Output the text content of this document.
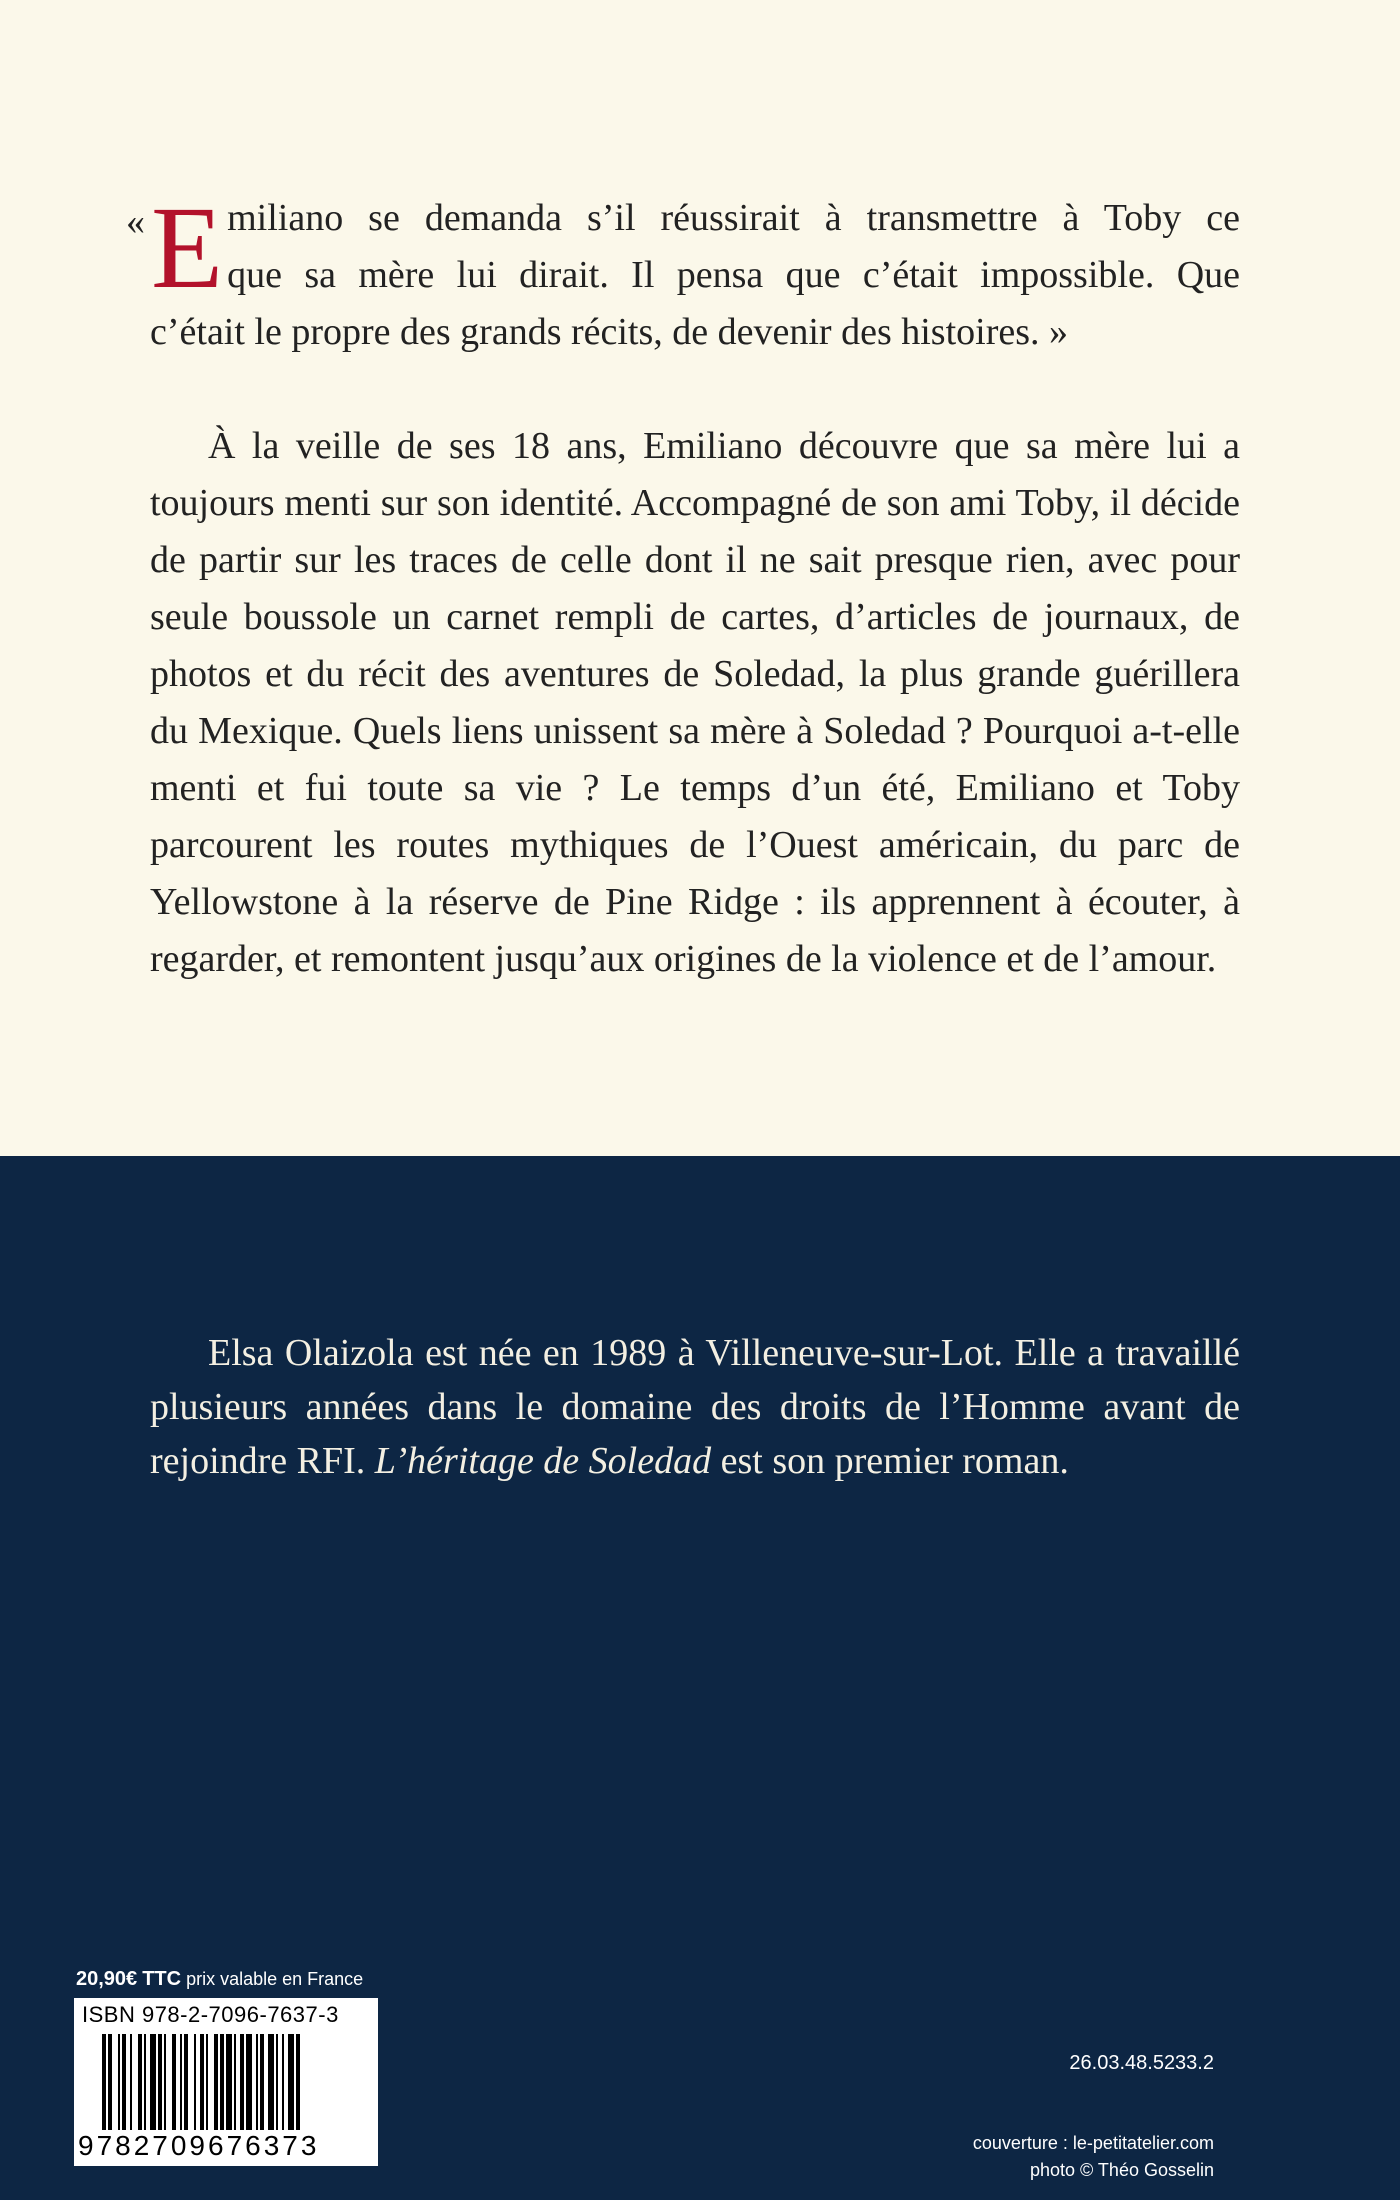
« E miliano se demanda s’il réussirait à transmettre à Toby ce
que sa mère lui dirait. Il pensa que c’était impossible. Que
c’était le propre des grands récits, de devenir des histoires. »

À la veille de ses 18 ans, Emiliano découvre que sa mère lui a toujours menti sur son identité. Accompagné de son ami Toby, il décide de partir sur les traces de celle dont il ne sait presque rien, avec pour seule boussole un carnet rempli de cartes, d’articles de journaux, de photos et du récit des aventures de Soledad, la plus grande guérillera du Mexique. Quels liens unissent sa mère à Soledad ? Pourquoi a-t-elle menti et fui toute sa vie ? Le temps d’un été, Emiliano et Toby parcourent les routes mythiques de l’Ouest américain, du parc de Yellowstone à la réserve de Pine Ridge : ils apprennent à écouter, à regarder, et remontent jusqu’aux origines de la violence et de l’amour.

Elsa Olaizola est née en 1989 à Villeneuve-sur-Lot. Elle a travaillé plusieurs années dans le domaine des droits de l’Homme avant de rejoindre RFI. L’héritage de Soledad est son premier roman.

20,90€ TTC prix valable en France
ISBN 978-2-7096-7637-3
9782709676373
26.03.48.5233.2
couverture : le-petitatelier.com
photo © Théo Gosselin
